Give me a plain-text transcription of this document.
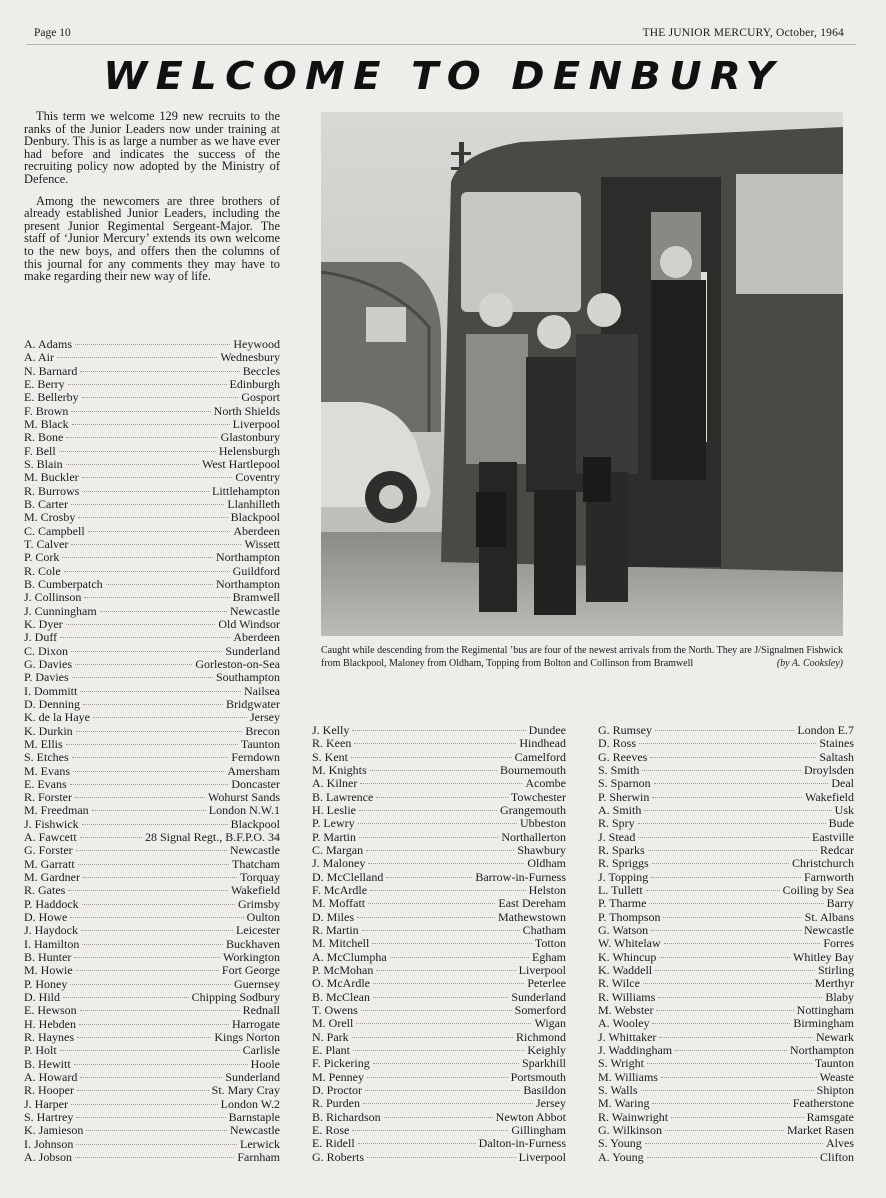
Page 10	THE JUNIOR MERCURY, October, 1964
WELCOME TO DENBURY

This term we welcome 129 new recruits to the ranks of the Junior Leaders now under training at Denbury. This is as large a number as we have ever had before and indicates the success of the recruiting policy now adopted by the Ministry of Defence.

Among the newcomers are three brothers of already established Junior Leaders, including the present Junior Regimental Sergeant-Major. The staff of ‘Junior Mercury’ extends its own welcome to the new boys, and offers then the columns of this journal for any comments they may have to make regarding their new way of life.

Caught while descending from the Regimental ’bus are four of the newest arrivals from the North. They are J/Signalmen Fishwick from Blackpool, Maloney from Oldham, Topping from Bolton and Collinson from Bramwell	(by A. Cooksley)
A. Adams	Heywood
A. Air	Wednesbury
N. Barnard	Beccles
E. Berry	Edinburgh
E. Bellerby	Gosport
F. Brown	North Shields
M. Black	Liverpool
R. Bone	Glastonbury
F. Bell	Helensburgh
S. Blain	West Hartlepool
M. Buckler	Coventry
R. Burrows	Littlehampton
B. Carter	Llanhilleth
M. Crosby	Blackpool
C. Campbell	Aberdeen
T. Calver	Wissett
P. Cork	Northampton
R. Cole	Guildford
B. Cumberpatch	Northampton
J. Collinson	Bramwell
J. Cunningham	Newcastle
K. Dyer	Old Windsor
J. Duff	Aberdeen
C. Dixon	Sunderland
G. Davies	Gorleston-on-Sea
P. Davies	Southampton
I. Dommitt	Nailsea
D. Denning	Bridgwater
K. de la Haye	Jersey
K. Durkin	Brecon
M. Ellis	Taunton
S. Etches	Ferndown
M. Evans	Amersham
E. Evans	Doncaster
R. Forster	Wohurst Sands
M. Freedman	London N.W.1
J. Fishwick	Blackpool
A. Fawcett	28 Signal Regt., B.F.P.O. 34
G. Forster	Newcastle
M. Garratt	Thatcham
M. Gardner	Torquay
R. Gates	Wakefield
P. Haddock	Grimsby
D. Howe	Oulton
J. Haydock	Leicester
I. Hamilton	Buckhaven
B. Hunter	Workington
M. Howie	Fort George
P. Honey	Guernsey
D. Hild	Chipping Sodbury
E. Hewson	Rednall
H. Hebden	Harrogate
R. Haynes	Kings Norton
P. Holt	Carlisle
B. Hewitt	Hoole
A. Howard	Sunderland
R. Hooper	St. Mary Cray
J. Harper	London W.2
S. Hartrey	Barnstaple
K. Jamieson	Newcastle
I. Johnson	Lerwick
A. Jobson	Farnham
J. Kelly	Dundee
R. Keen	Hindhead
S. Kent	Camelford
M. Knights	Bournemouth
A. Kilner	Acombe
B. Lawrence	Towchester
H. Leslie	Grangemouth
P. Lewry	Ubbeston
P. Martin	Northallerton
C. Margan	Shawbury
J. Maloney	Oldham
D. McClelland	Barrow-in-Furness
F. McArdle	Helston
M. Moffatt	East Dereham
D. Miles	Mathewstown
R. Martin	Chatham
M. Mitchell	Totton
A. McClumpha	Egham
P. McMohan	Liverpool
O. McArdle	Peterlee
B. McClean	Sunderland
T. Owens	Somerford
M. Orell	Wigan
N. Park	Richmond
E. Plant	Keighly
F. Pickering	Sparkhill
M. Penney	Portsmouth
D. Proctor	Basildon
R. Purden	Jersey
B. Richardson	Newton Abbot
E. Rose	Gillingham
E. Ridell	Dalton-in-Furness
G. Roberts	Liverpool
G. Rumsey	London E.7
D. Ross	Staines
G. Reeves	Saltash
S. Smith	Droylsden
S. Sparnon	Deal
P. Sherwin	Wakefield
A. Smith	Usk
R. Spry	Bude
J. Stead	Eastville
R. Sparks	Redcar
R. Spriggs	Christchurch
J. Topping	Farnworth
L. Tullett	Coiling by Sea
P. Tharme	Barry
P. Thompson	St. Albans
G. Watson	Newcastle
W. Whitelaw	Forres
K. Whincup	Whitley Bay
K. Waddell	Stirling
R. Wilce	Merthyr
R. Williams	Blaby
M. Webster	Nottingham
A. Wooley	Birmingham
J. Whittaker	Newark
J. Waddingham	Northampton
S. Wright	Taunton
M. Williams	Weaste
S. Walls	Shipton
M. Waring	Featherstone
R. Wainwright	Ramsgate
G. Wilkinson	Market Rasen
S. Young	Alves
A. Young	Clifton
